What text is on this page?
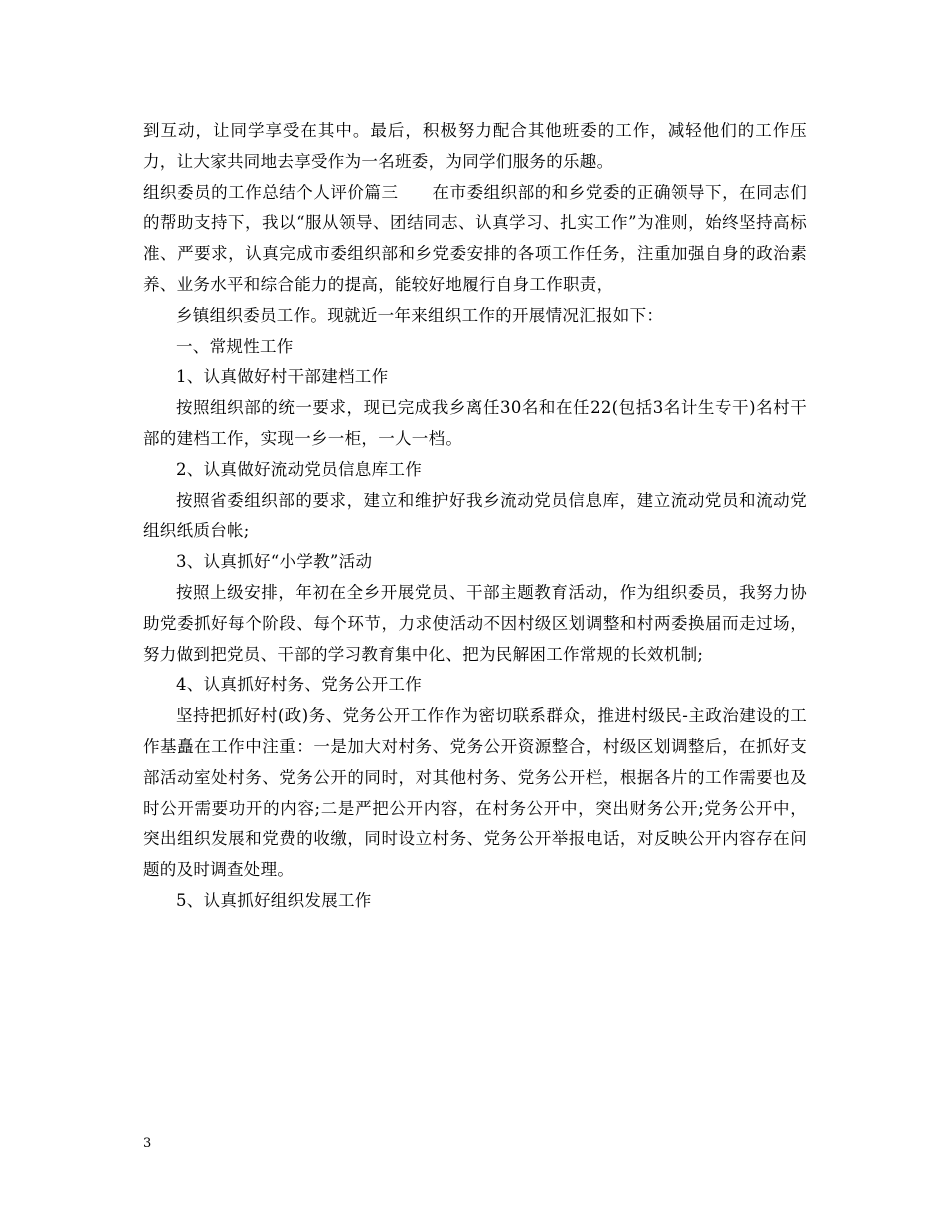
到互动，让同学享受在其中。最后，积极努力配合其他班委的工作，减轻他们的工作压力，让大家共同地去享受作为一名班委，为同学们服务的乐趣。

组织委员的工作总结个人评价篇三　　在市委组织部的和乡党委的正确领导下，在同志们的帮助支持下，我以“服从领导、团结同志、认真学习、扎实工作”为准则，始终坚持高标准、严要求，认真完成市委组织部和乡党委安排的各项工作任务，注重加强自身的政治素养、业务水平和综合能力的提高，能较好地履行自身工作职责，

乡镇组织委员工作。现就近一年来组织工作的开展情况汇报如下：

一、常规性工作

1、认真做好村干部建档工作

按照组织部的统一要求，现已完成我乡离任30名和在任22(包括3名计生专干)名村干部的建档工作，实现一乡一柜，一人一档。

2、认真做好流动党员信息库工作

按照省委组织部的要求，建立和维护好我乡流动党员信息库，建立流动党员和流动党组织纸质台帐;

3、认真抓好“小学教”活动

按照上级安排，年初在全乡开展党员、干部主题教育活动，作为组织委员，我努力协助党委抓好每个阶段、每个环节，力求使活动不因村级区划调整和村两委换届而走过场，努力做到把党员、干部的学习教育集中化、把为民解困工作常规的长效机制;

4、认真抓好村务、党务公开工作

坚持把抓好村(政)务、党务公开工作作为密切联系群众，推进村级民-主政治建设的工作基矗在工作中注重：一是加大对村务、党务公开资源整合，村级区划调整后，在抓好支部活动室处村务、党务公开的同时，对其他村务、党务公开栏，根据各片的工作需要也及时公开需要功开的内容;二是严把公开内容，在村务公开中，突出财务公开;党务公开中，突出组织发展和党费的收缴，同时设立村务、党务公开举报电话，对反映公开内容存在问题的及时调查处理。

5、认真抓好组织发展工作

3
